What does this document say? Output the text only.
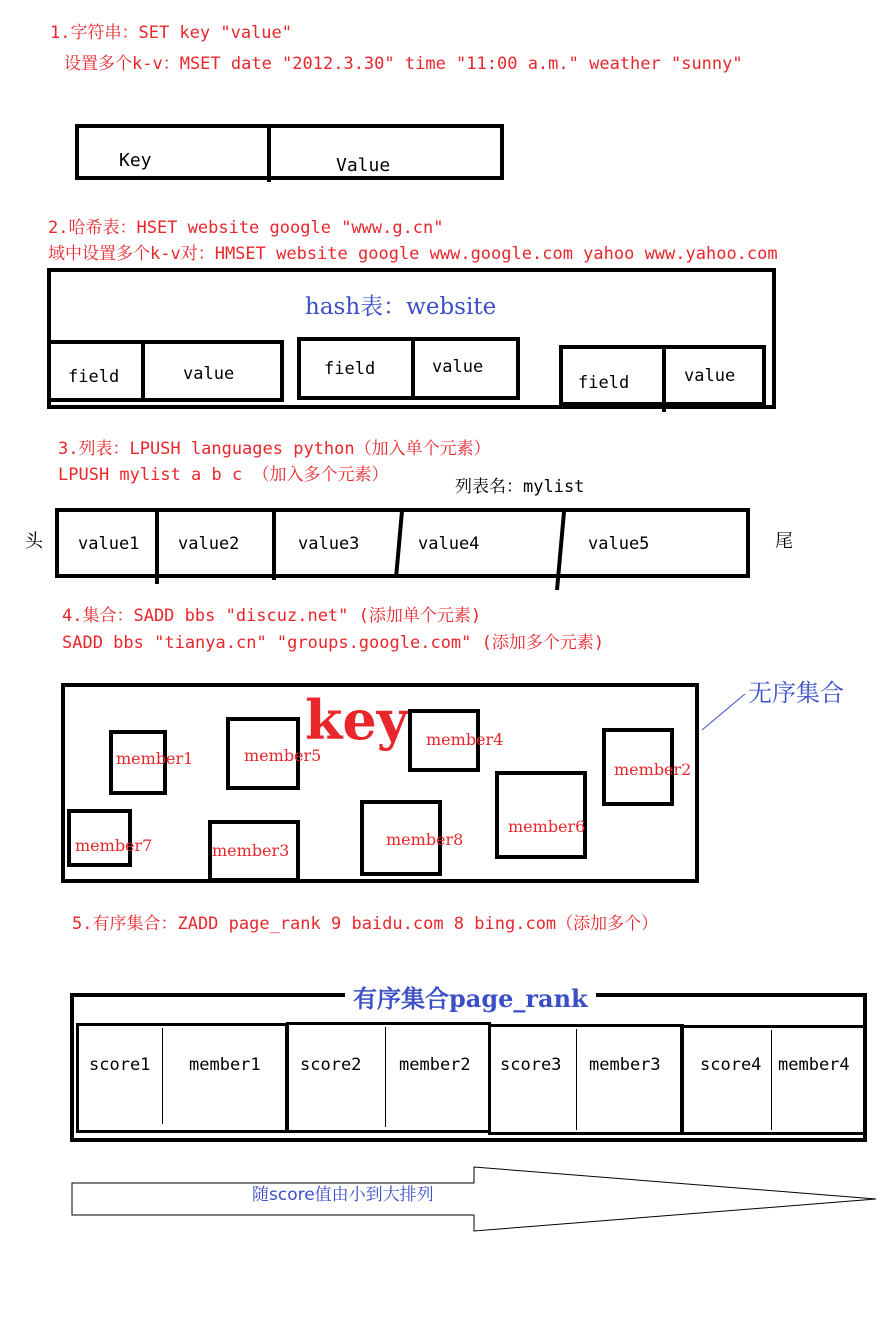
1.字符串：SET key "value"
设置多个k-v：MSET date "2012.3.30" time "11:00 a.m." weather "sunny"
Key	Value
2.哈希表：HSET website google "www.g.cn"
域中设置多个k-v对：HMSET website google www.google.com yahoo www.yahoo.com
hash表：website
field	value	field	value
field	value
3.列表：LPUSH languages python（加入单个元素）
LPUSH mylist a b c （加入多个元素）
列表名：mylist
头	尾
value1 value2	value3	value4	value5
4.集合：SADD bbs "discuz.net" (添加单个元素)
SADD bbs "tianya.cn" "groups.google.com" (添加多个元素)
key	无序集合
member1	member5
member4
member2
member7	member3
member8
member6
5.有序集合：ZADD page_rank 9 baidu.com 8 bing.com（添加多个）
有序集合page_rank
score1 member1 score2 member2 score3 member3 score4 member4
随score值由小到大排列
